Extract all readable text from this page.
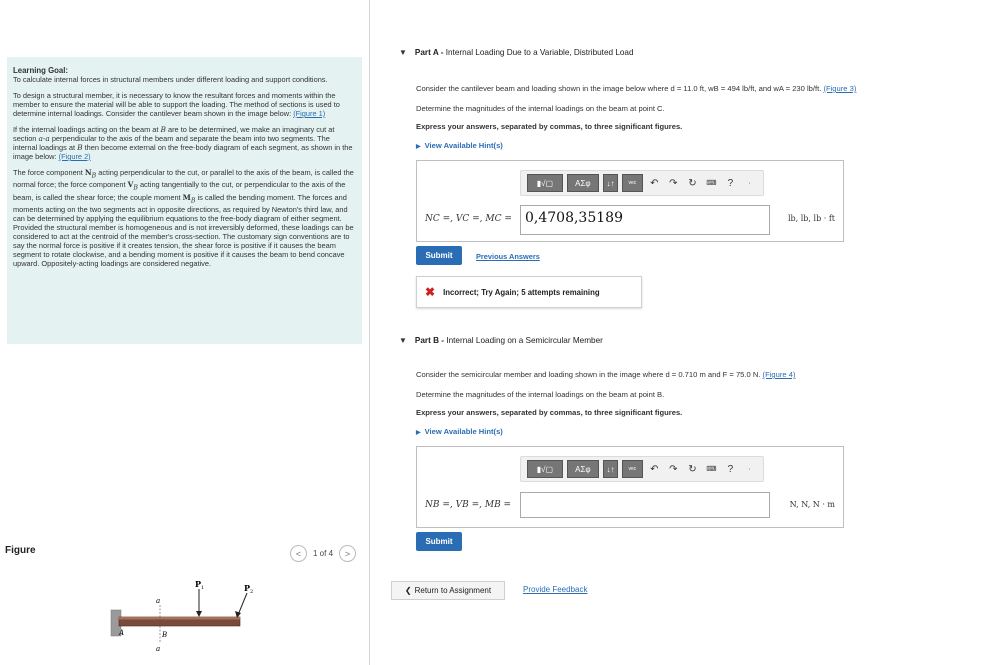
Learning Goal:
To calculate internal forces in structural members under different loading and support conditions.

To design a structural member, it is necessary to know the resultant forces and moments within the member to ensure the material will be able to support the loading. The method of sections is used to determine internal loadings. Consider the cantilever beam shown in the image below: (Figure 1)

If the internal loadings acting on the beam at B are to be determined, we make an imaginary cut at section a-a perpendicular to the axis of the beam and separate the beam into two segments. The internal loadings at B then become external on the free-body diagram of each segment, as shown in the image below: (Figure 2)

The force component $N_B$ acting perpendicular to the cut, or parallel to the axis of the beam, is called the normal force; the force component $V_B$ acting tangentially to the cut, or perpendicular to the axis of the beam, is called the shear force; the couple moment $M_B$ is called the bending moment. The forces and moments acting on the two segments act in opposite directions, as required by Newton's third law, and can be determined by applying the equilibrium equations to the free-body diagram of either segment. Provided the structural member is homogeneous and is not irreversibly deformed, these loadings can be considered to act at the centroid of the member's cross-section. The customary sign conventions are to say the normal force is positive if it creates tension, the shear force is positive if it causes the beam segment to rotate clockwise, and a bending moment is positive if it causes the beam to bend concave upward. Oppositely-acting loadings are considered negative.

Figure	<	1 of 4	>
P 1	P 2
a
a
A	B
▼ Part A - Internal Loading Due to a Variable, Distributed Load
Consider the cantilever beam and loading shown in the image below where d = 11.0 ft, wB = 494 lb/ft, and wA = 230 lb/ft. (Figure 3)
Determine the magnitudes of the internal loadings on the beam at point C.
Express your answers, separated by commas, to three significant figures.
▶ View Available Hint(s)
▮√▢	ΑΣφ	↓↑	vec	↶	↷	↻	⌨	?	·
NC =, VC =, MC = 0,4708,35189	lb, lb, lb · ft
Submit	Previous Answers
✖ Incorrect; Try Again; 5 attempts remaining
▼ Part B - Internal Loading on a Semicircular Member
Consider the semicircular member and loading shown in the image where d = 0.710 m and F = 75.0 N. (Figure 4)
Determine the magnitudes of the internal loadings on the beam at point B.
Express your answers, separated by commas, to three significant figures.
▶ View Available Hint(s)
▮√▢	ΑΣφ	↓↑	vec	↶	↷	↻	⌨	?	·
NB =, VB =, MB =	N, N, N · m
Submit
❮ Return to Assignment	Provide Feedback
